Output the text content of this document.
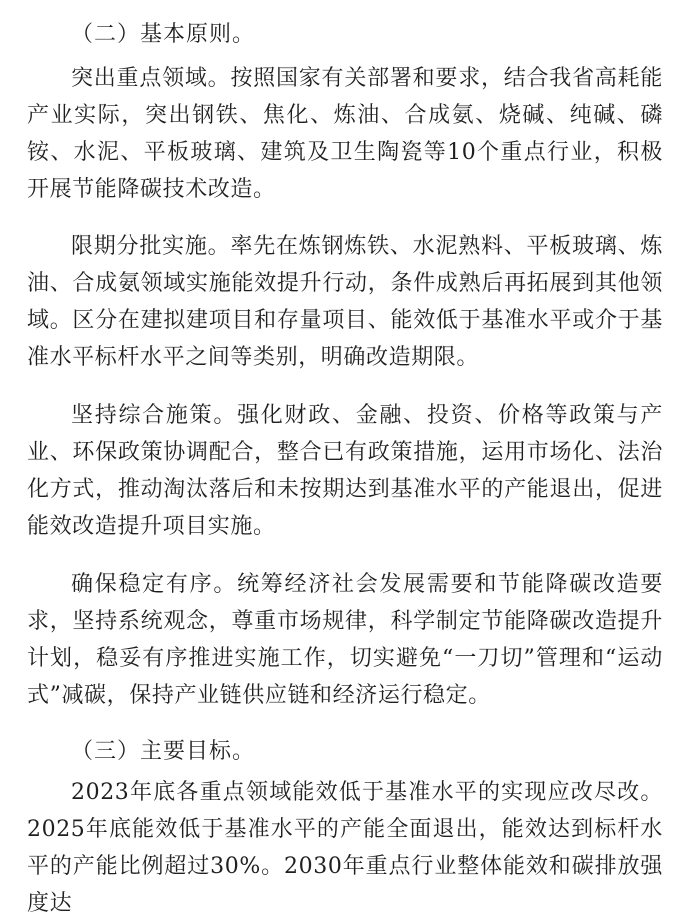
（二）基本原则。

突出重点领域。按照国家有关部署和要求，结合我省高耗能产业实际，突出钢铁、焦化、炼油、合成氨、烧碱、纯碱、磷铵、水泥、平板玻璃、建筑及卫生陶瓷等10个重点行业，积极开展节能降碳技术改造。

限期分批实施。率先在炼钢炼铁、水泥熟料、平板玻璃、炼油、合成氨领域实施能效提升行动，条件成熟后再拓展到其他领域。区分在建拟建项目和存量项目、能效低于基准水平或介于基准水平标杆水平之间等类别，明确改造期限。

坚持综合施策。强化财政、金融、投资、价格等政策与产业、环保政策协调配合，整合已有政策措施，运用市场化、法治化方式，推动淘汰落后和未按期达到基准水平的产能退出，促进能效改造提升项目实施。

确保稳定有序。统筹经济社会发展需要和节能降碳改造要求，坚持系统观念，尊重市场规律，科学制定节能降碳改造提升计划，稳妥有序推进实施工作，切实避免“一刀切”管理和“运动式”减碳，保持产业链供应链和经济运行稳定。

（三）主要目标。

2023年底各重点领域能效低于基准水平的实现应改尽改。2025年底能效低于基准水平的产能全面退出，能效达到标杆水平的产能比例超过30%。2030年重点行业整体能效和碳排放强度达
